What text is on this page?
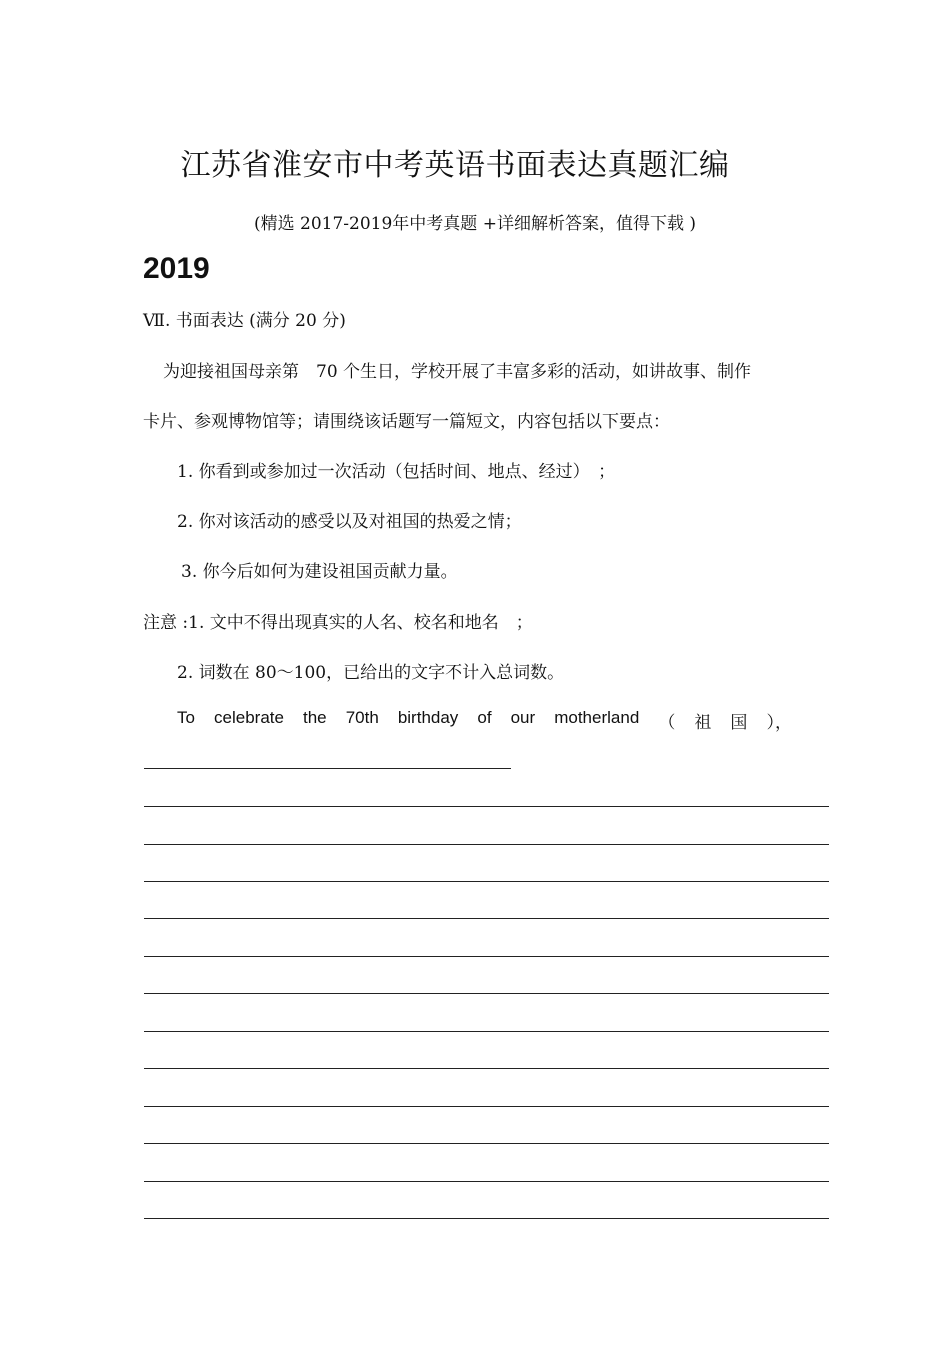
江苏省淮安市中考英语书面表达真题汇编
(精选 2017-2019年中考真题 +详细解析答案，值得下载 )
2019
Ⅶ. 书面表达 (满分 20 分)
为迎接祖国母亲第　70 个生日，学校开展了丰富多彩的活动，如讲故事、制作
卡片、参观博物馆等；请围绕该话题写一篇短文，内容包括以下要点：
1. 你看到或参加过一次活动（包括时间、地点、经过）　；
2. 你对该活动的感受以及对祖国的热爱之情；
3. 你今后如何为建设祖国贡献力量。
注意 :1. 文中不得出现真实的人名、校名和地名　；
2. 词数在 80～100，已给出的文字不计入总词数。
To celebrate the 70th birthday of our motherland （ 祖 国 ），
